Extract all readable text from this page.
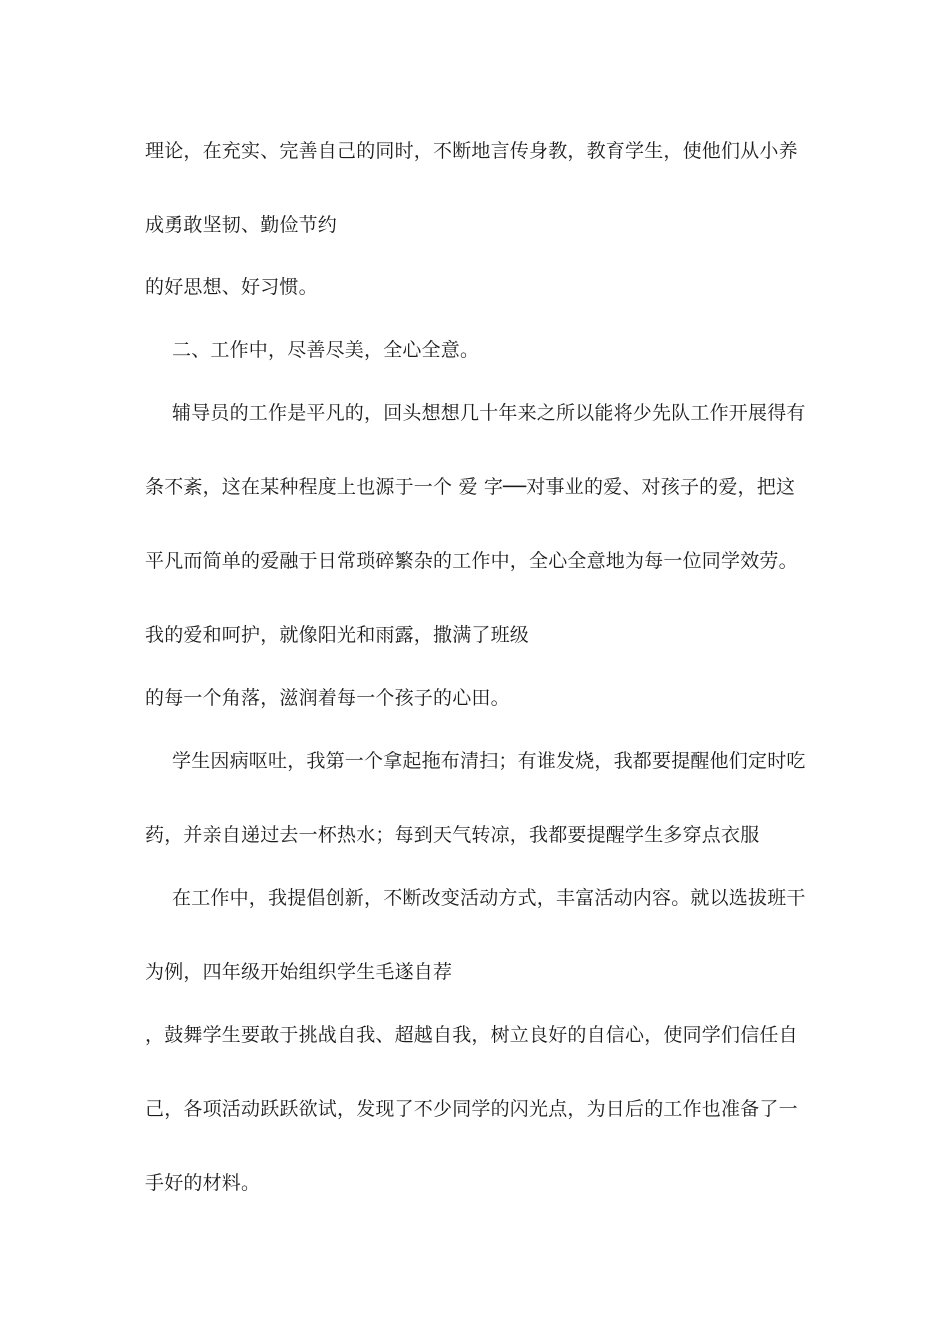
理论，在充实、完善自己的同时，不断地言传身教，教育学生，使他们从小养

成勇敢坚韧、勤俭节约

的好思想、好习惯。

二、工作中，尽善尽美，全心全意。

辅导员的工作是平凡的，回头想想几十年来之所以能将少先队工作开展得有

条不紊，这在某种程度上也源于一个 爱 字──对事业的爱、对孩子的爱，把这

平凡而简单的爱融于日常琐碎繁杂的工作中，全心全意地为每一位同学效劳。

我的爱和呵护，就像阳光和雨露，撒满了班级

的每一个角落，滋润着每一个孩子的心田。

学生因病呕吐，我第一个拿起拖布清扫；有谁发烧，我都要提醒他们定时吃

药，并亲自递过去一杯热水；每到天气转凉，我都要提醒学生多穿点衣服

在工作中，我提倡创新，不断改变活动方式，丰富活动内容。就以选拔班干

为例，四年级开始组织学生毛遂自荐

，鼓舞学生要敢于挑战自我、超越自我，树立良好的自信心，使同学们信任自

己，各项活动跃跃欲试，发现了不少同学的闪光点，为日后的工作也准备了一

手好的材料。
